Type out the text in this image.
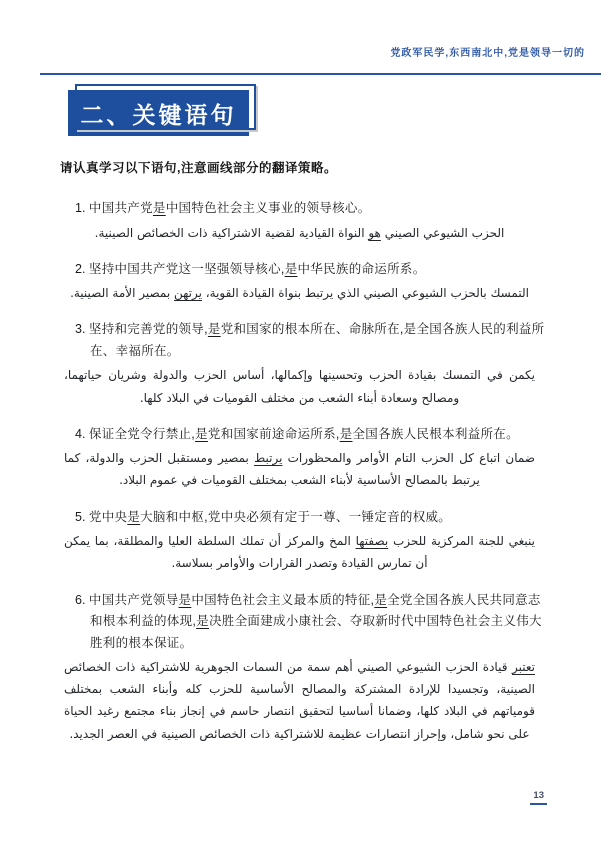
党政军民学,东西南北中,党是领导一切的
二、关键语句

请认真学习以下语句,注意画线部分的翻译策略。

1. 中国共产党是中国特色社会主义事业的领导核心。

الحزب الشيوعي الصيني هو النواة القيادية لقضية الاشتراكية ذات الخصائص الصينية.

2. 坚持中国共产党这一坚强领导核心,是中华民族的命运所系。

التمسك بالحزب الشيوعي الصيني الذي يرتبط بنواة القيادة القوية، يرتهن بمصير الأمة الصينية.

3. 坚持和完善党的领导,是党和国家的根本所在、命脉所在,是全国各族人民的利益所在、幸福所在。

يكمن في التمسك بقيادة الحزب وتحسينها وإكمالها، أساس الحزب والدولة وشريان حياتهما، ومصالح وسعادة أبناء الشعب من مختلف القوميات في البلاد كلها.

4. 保证全党令行禁止,是党和国家前途命运所系,是全国各族人民根本利益所在。

ضمان اتباع كل الحزب التام الأوامر والمحظورات يرتبط بمصير ومستقبل الحزب والدولة، كما يرتبط بالمصالح الأساسية لأبناء الشعب بمختلف القوميات في عموم البلاد.

5. 党中央是大脑和中枢,党中央必须有定于一尊、一锤定音的权威。

ينبغي للجنة المركزية للحزب بصفتها المخ والمركز أن تملك السلطة العليا والمطلقة، بما يمكن أن تمارس القيادة وتصدر القرارات والأوامر بسلاسة.

6. 中国共产党领导是中国特色社会主义最本质的特征,是全党全国各族人民共同意志和根本利益的体现,是决胜全面建成小康社会、夺取新时代中国特色社会主义伟大胜利的根本保证。

تعتبر قيادة الحزب الشيوعي الصيني أهم سمة من السمات الجوهرية للاشتراكية ذات الخصائص الصينية، وتجسيدا للإرادة المشتركة والمصالح الأساسية للحزب كله وأبناء الشعب بمختلف قومياتهم في البلاد كلها، وضمانا أساسيا لتحقيق انتصار حاسم في إنجاز بناء مجتمع رغيد الحياة على نحو شامل، وإحراز انتصارات عظيمة للاشتراكية ذات الخصائص الصينية في العصر الجديد.

13
